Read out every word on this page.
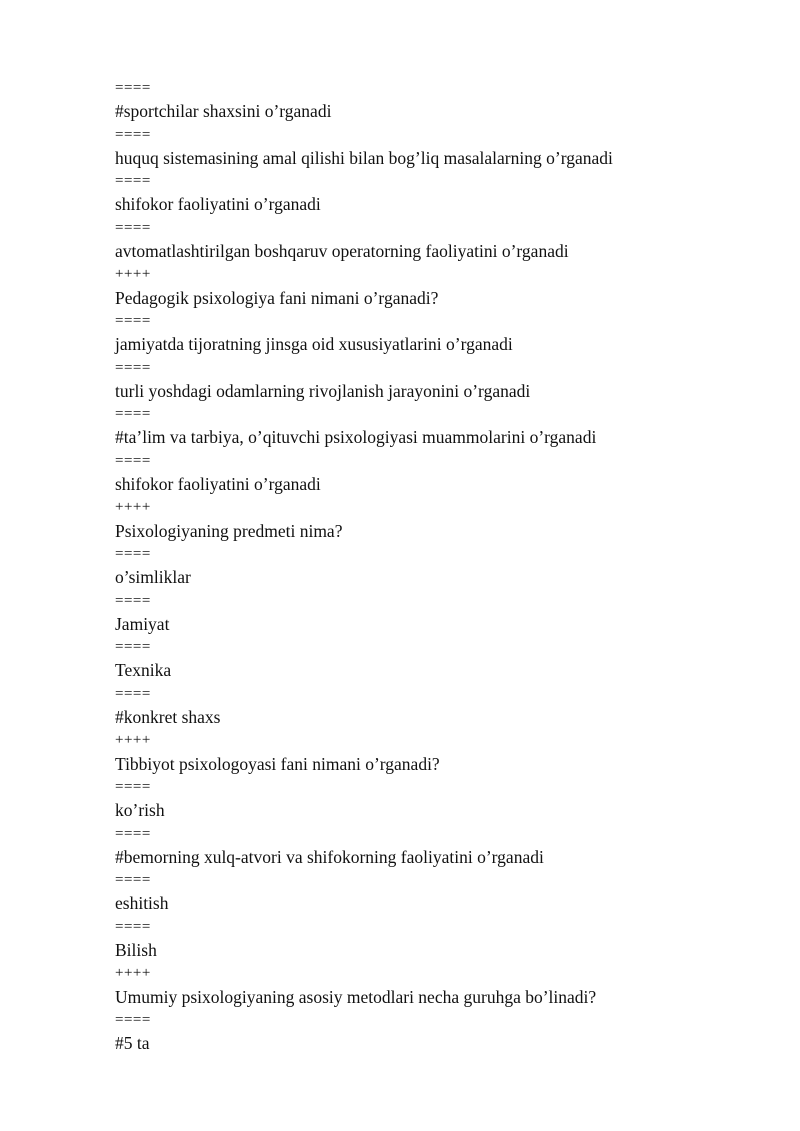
====
#sportchilar shaxsini o’rganadi
====
huquq sistemasining amal qilishi bilan bog’liq masalalarning o’rganadi
====
shifokor faoliyatini o’rganadi
====
avtomatlashtirilgan boshqaruv operatorning faoliyatini o’rganadi
++++
Pedagogik psixologiya fani nimani o’rganadi?
====
jamiyatda tijoratning jinsga oid xususiyatlarini o’rganadi
====
turli yoshdagi odamlarning rivojlanish jarayonini o’rganadi
====
#ta’lim va tarbiya, o’qituvchi psixologiyasi muammolarini o’rganadi
====
shifokor faoliyatini o’rganadi
++++
Psixologiyaning predmeti nima?
====
o’simliklar
====
Jamiyat
====
Texnika
====
#konkret shaxs
++++
Tibbiyot psixologoyasi fani nimani o’rganadi?
====
ko’rish
====
#bemorning xulq-atvori va shifokorning faoliyatini o’rganadi
====
eshitish
====
Bilish
++++
Umumiy psixologiyaning asosiy metodlari necha guruhga bo’linadi?
====
#5 ta
